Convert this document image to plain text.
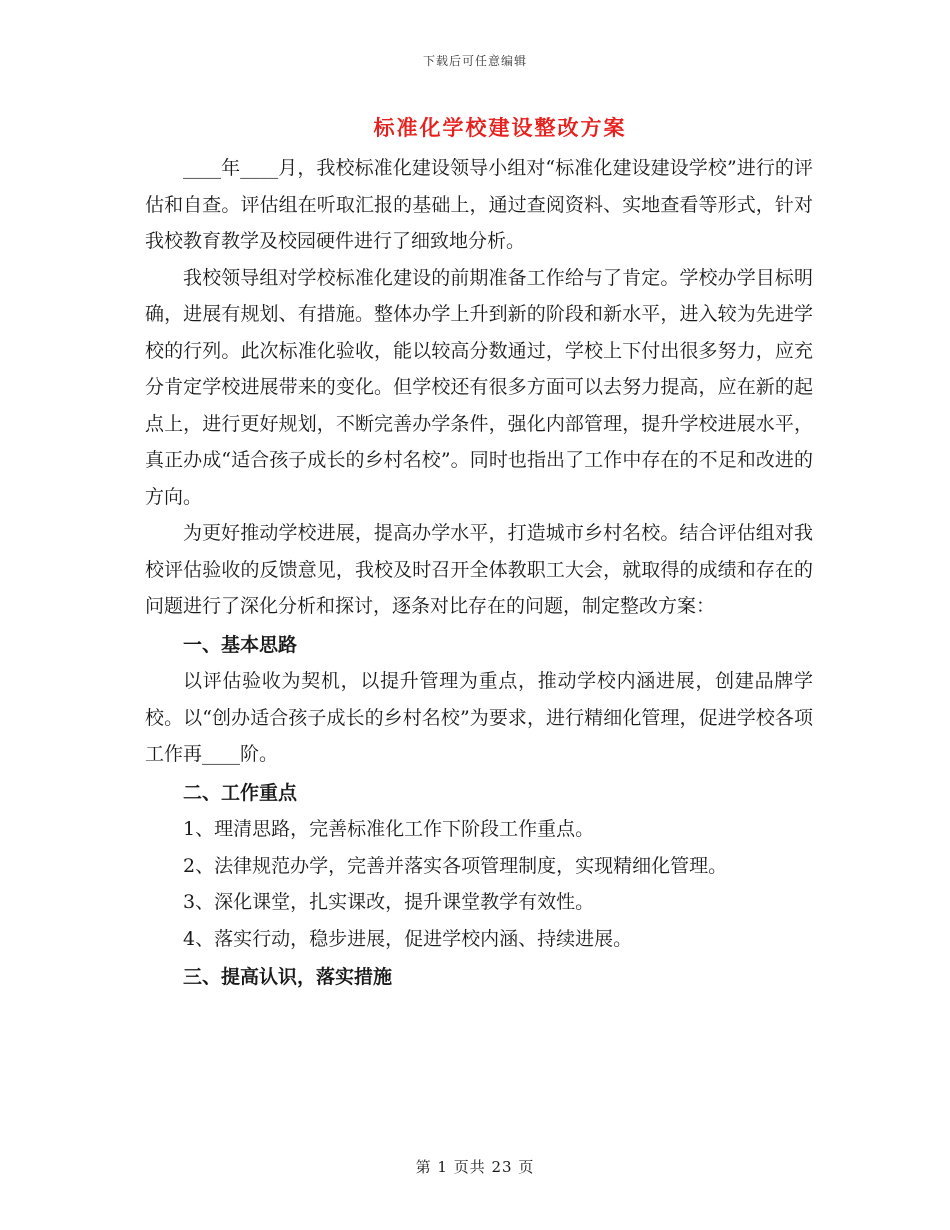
下载后可任意编辑
标准化学校建设整改方案

____年____月，我校标准化建设领导小组对“标准化建设建设学校”进行的评估和自查。评估组在听取汇报的基础上，通过查阅资料、实地查看等形式，针对我校教育教学及校园硬件进行了细致地分析。

我校领导组对学校标准化建设的前期准备工作给与了肯定。学校办学目标明确，进展有规划、有措施。整体办学上升到新的阶段和新水平，进入较为先进学校的行列。此次标准化验收，能以较高分数通过，学校上下付出很多努力，应充分肯定学校进展带来的变化。但学校还有很多方面可以去努力提高，应在新的起点上，进行更好规划，不断完善办学条件，强化内部管理，提升学校进展水平，真正办成“适合孩子成长的乡村名校”。同时也指出了工作中存在的不足和改进的方向。

为更好推动学校进展，提高办学水平，打造城市乡村名校。结合评估组对我校评估验收的反馈意见，我校及时召开全体教职工大会，就取得的成绩和存在的问题进行了深化分析和探讨，逐条对比存在的问题，制定整改方案：

一、基本思路

以评估验收为契机，以提升管理为重点，推动学校内涵进展，创建品牌学校。以“创办适合孩子成长的乡村名校”为要求，进行精细化管理，促进学校各项工作再____阶。

二、工作重点

1、理清思路，完善标准化工作下阶段工作重点。

2、法律规范办学，完善并落实各项管理制度，实现精细化管理。

3、深化课堂，扎实课改，提升课堂教学有效性。

4、落实行动，稳步进展，促进学校内涵、持续进展。

三、提高认识，落实措施

第 1 页共 23 页
